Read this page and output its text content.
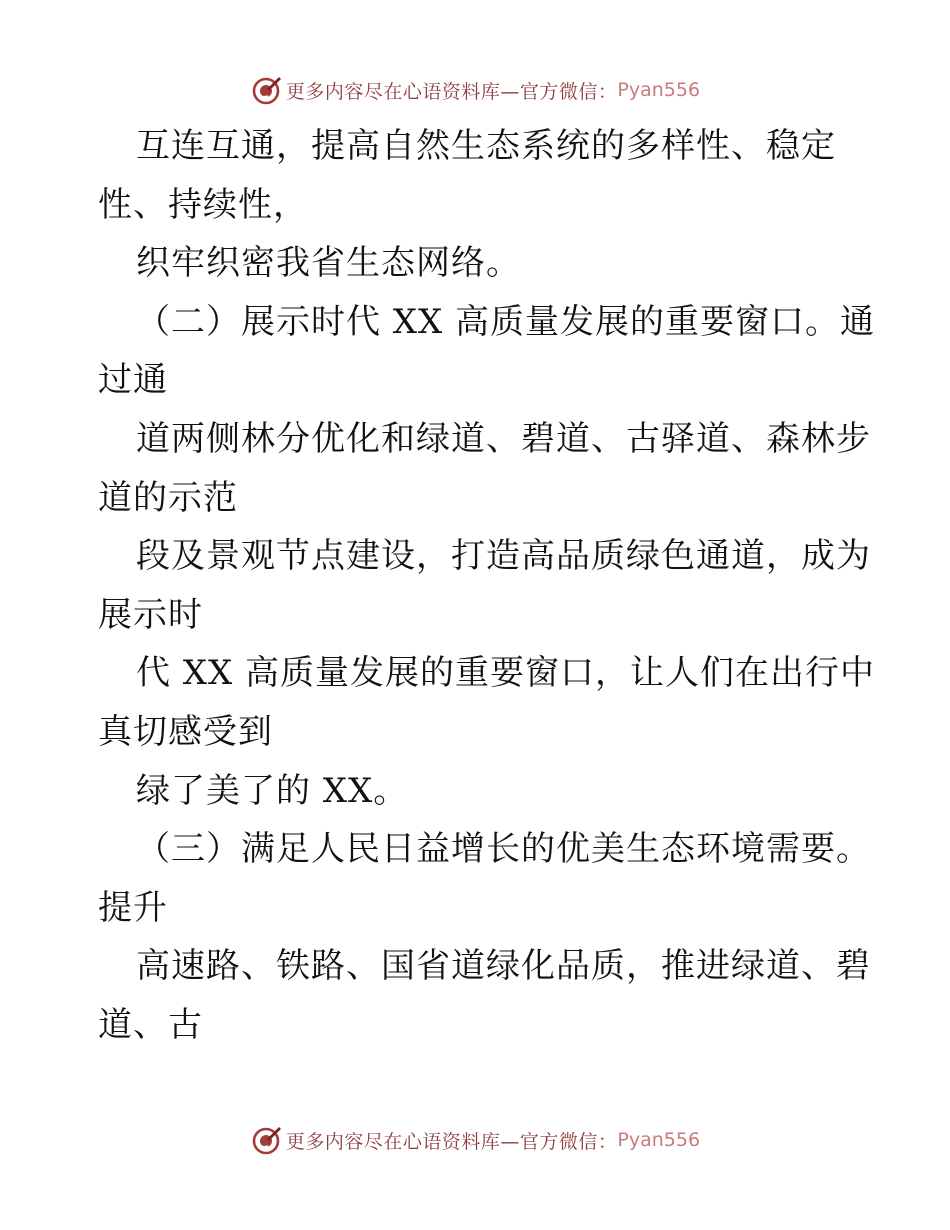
更多内容尽在心语资料库—官方微信： Pyan556
互连互通，提高自然生态系统的多样性、稳定
性、持续性，
织牢织密我省生态网络。
（二）展示时代 XX 高质量发展的重要窗口。通
过通
道两侧林分优化和绿道、碧道、古驿道、森林步
道的示范
段及景观节点建设，打造高品质绿色通道，成为
展示时
代 XX 高质量发展的重要窗口，让人们在出行中
真切感受到
绿了美了的 XX。
（三）满足人民日益增长的优美生态环境需要。
提升
高速路、铁路、国省道绿化品质，推进绿道、碧
道、古
更多内容尽在心语资料库—官方微信： Pyan556
